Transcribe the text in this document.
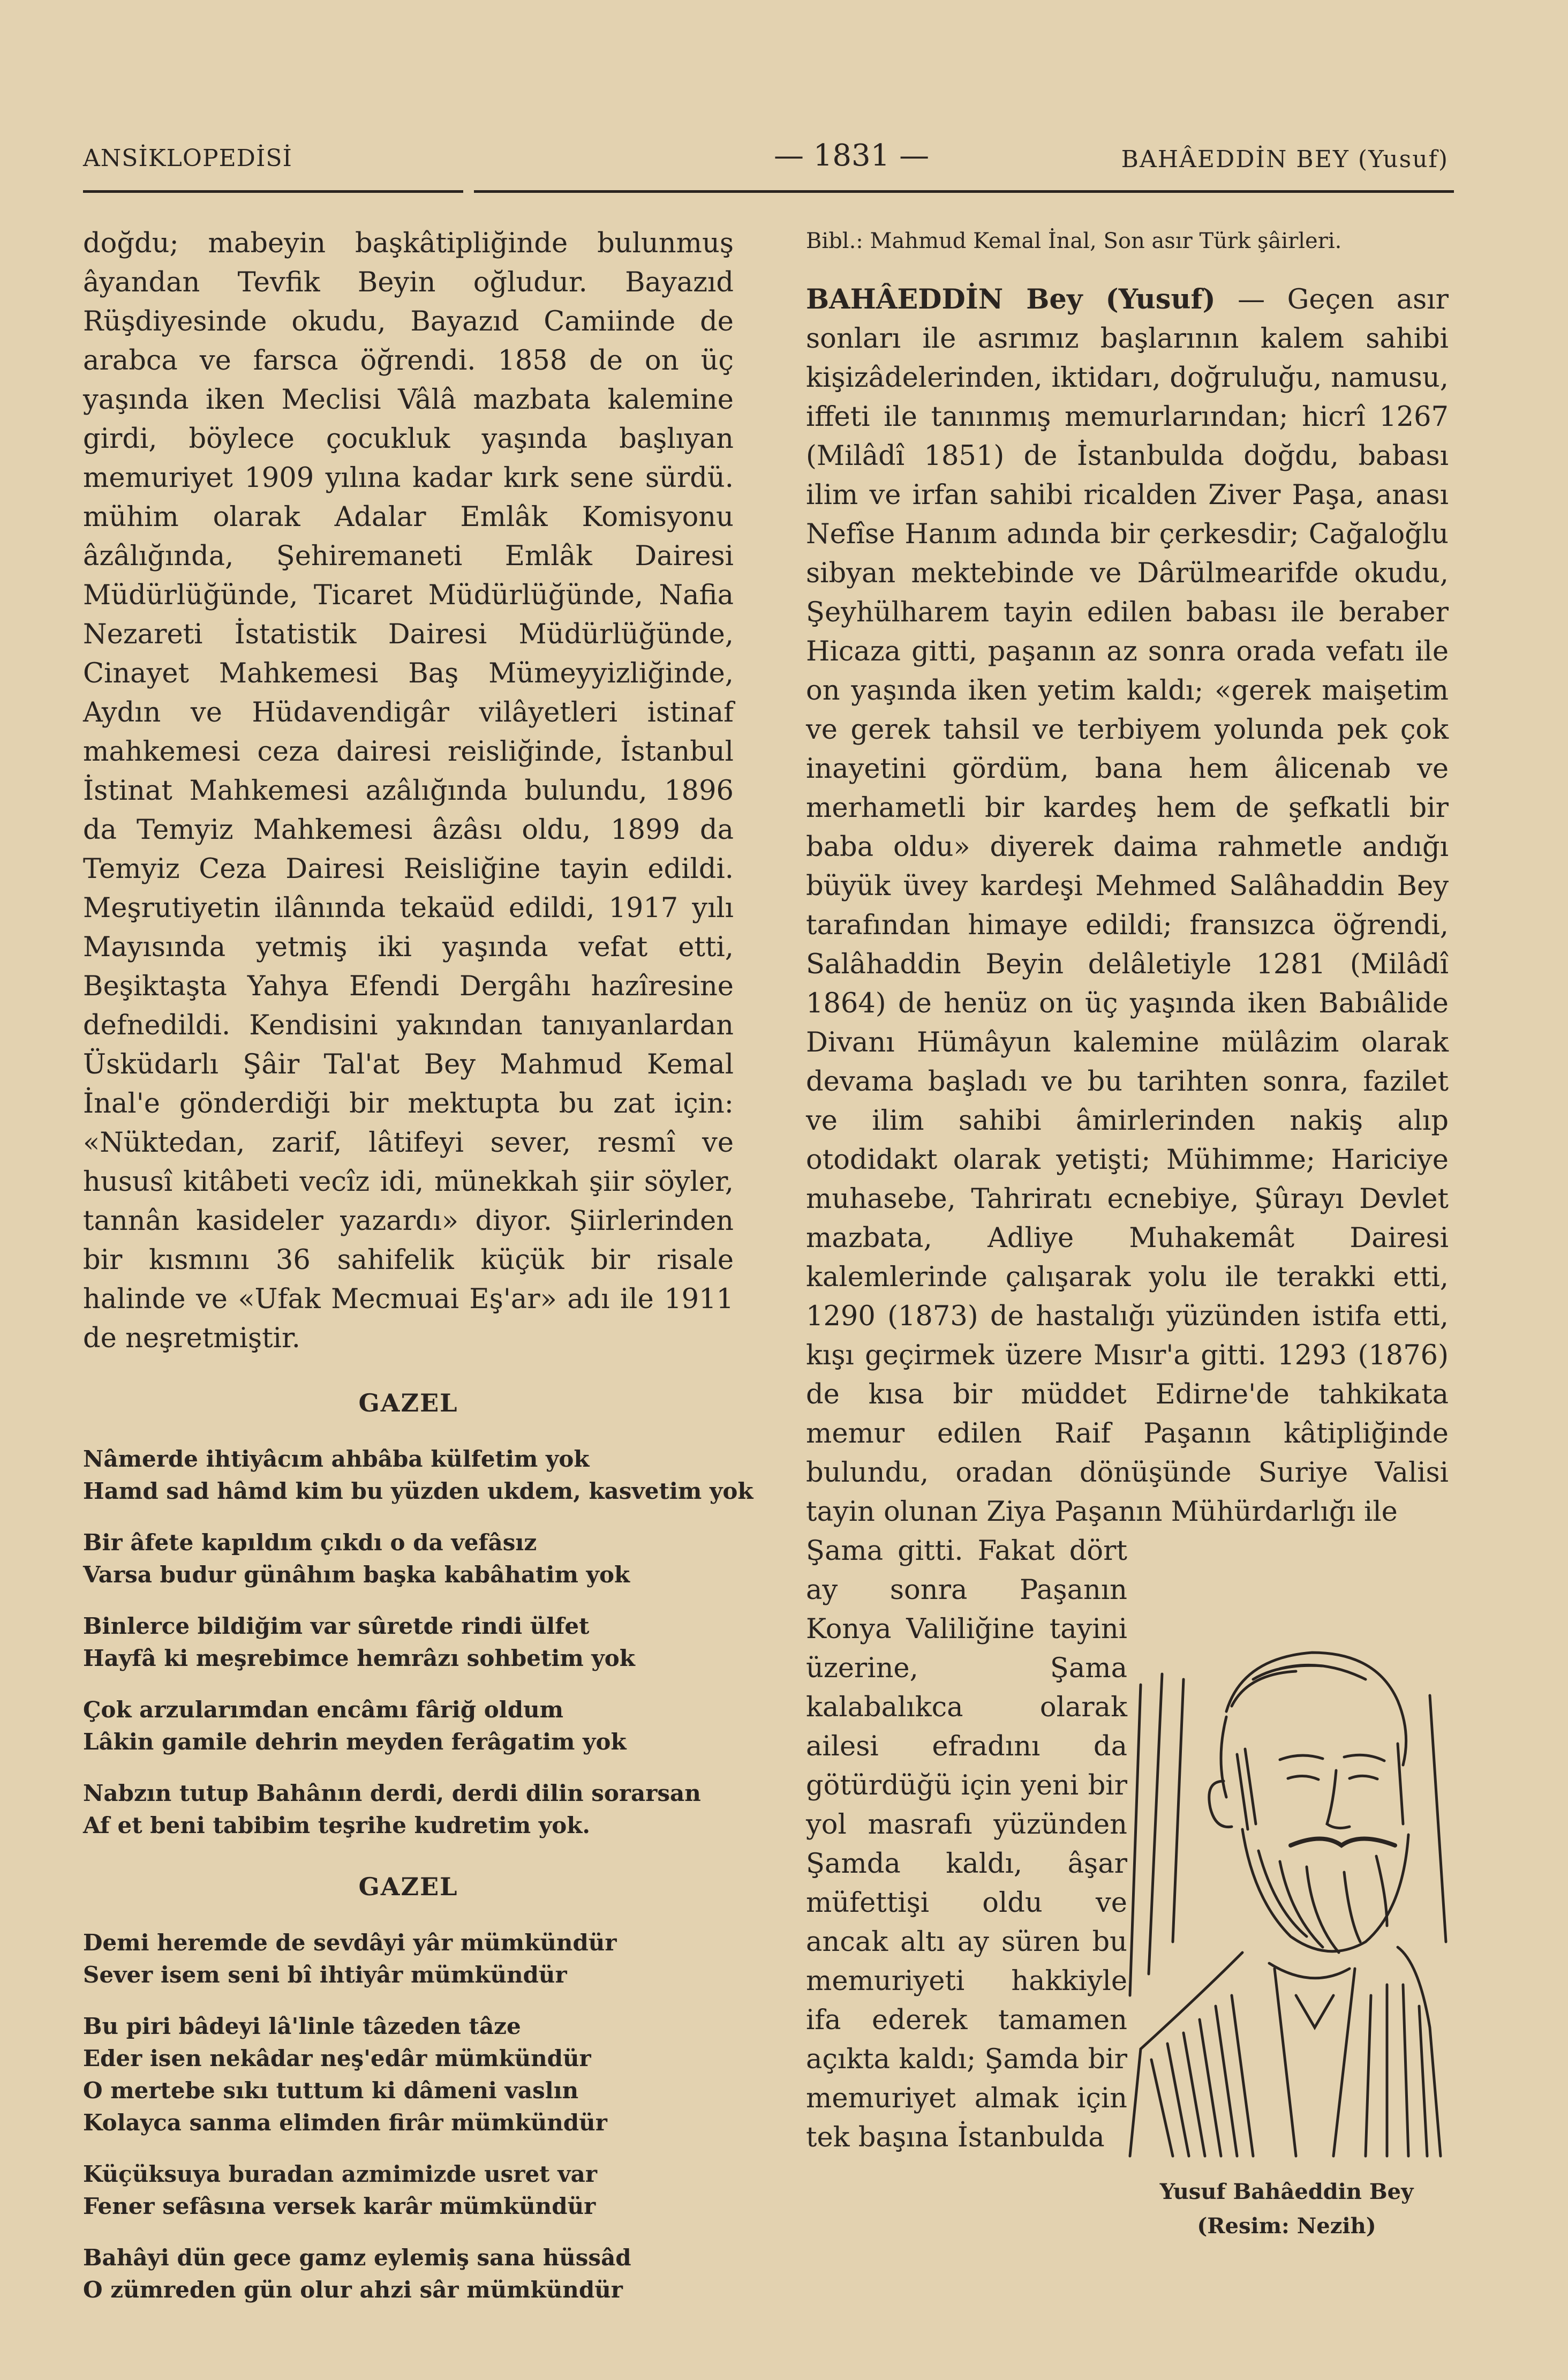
ANSİKLOPEDİSİ	— 1831 —	BAHÂEDDİN BEY (Yusuf)

doğdu; mabeyin başkâtipliğinde bulunmuş âyandan Tevfik Beyin oğludur. Bayazıd Rüşdiyesinde okudu, Bayazıd Camiinde de arabca ve farsca öğrendi. 1858 de on üç yaşında iken Meclisi Vâlâ mazbata kalemine girdi, böylece çocukluk yaşında başlıyan memuriyet 1909 yılına kadar kırk sene sürdü. mühim olarak Adalar Emlâk Komisyonu âzâlığında, Şehiremaneti Emlâk Dairesi Müdürlüğünde, Ticaret Müdürlüğünde, Nafia Nezareti İstatistik Dairesi Müdürlüğünde, Cinayet Mahkemesi Baş Mümeyyizliğinde, Aydın ve Hüdavendigâr vilâyetleri istinaf mahkemesi ceza dairesi reisliğinde, İstanbul İstinat Mahkemesi azâlığında bulundu, 1896 da Temyiz Mahkemesi âzâsı oldu, 1899 da Temyiz Ceza Dairesi Reisliğine tayin edildi. Meşrutiyetin ilânında tekaüd edildi, 1917 yılı Mayısında yetmiş iki yaşında vefat etti, Beşiktaşta Yahya Efendi Dergâhı hazîresine defnedildi. Kendisini yakından tanıyanlardan Üsküdarlı Şâir Tal'at Bey Mahmud Kemal İnal'e gönderdiği bir mektupta bu zat için: «Nüktedan, zarif, lâtifeyi sever, resmî ve hususî kitâbeti vecîz idi, münekkah şiir söyler, tannân kasideler yazardı» diyor. Şiirlerinden bir kısmını 36 sahifelik küçük bir risale halinde ve «Ufak Mecmuai Eş'ar» adı ile 1911 de neşretmiştir.

GAZEL
Nâmerde ihtiyâcım ahbâba külfetim yok
Hamd sad hâmd kim bu yüzden ukdem, kasvetim yok
Bir âfete kapıldım çıkdı o da vefâsız
Varsa budur günâhım başka kabâhatim yok
Binlerce bildiğim var sûretde rindi ülfet
Hayfâ ki meşrebimce hemrâzı sohbetim yok
Çok arzularımdan encâmı fâriğ oldum
Lâkin gamile dehrin meyden ferâgatim yok
Nabzın tutup Bahânın derdi, derdi dilin sorarsan
Af et beni tabibim teşrihe kudretim yok.
GAZEL
Demi heremde de sevdâyi yâr mümkündür
Sever isem seni bî ihtiyâr mümkündür
Bu piri bâdeyi lâ'linle tâzeden tâze
Eder isen nekâdar neş'edâr mümkündür
O mertebe sıkı tuttum ki dâmeni vaslın
Kolayca sanma elimden firâr mümkündür
Küçüksuya buradan azmimizde usret var
Fener sefâsına versek karâr mümkündür
Bahâyi dün gece gamz eylemiş sana hüssâd
O zümreden gün olur ahzi sâr mümkündür

Bibl.: Mahmud Kemal İnal, Son asır Türk şâirleri.

BAHÂEDDİN Bey (Yusuf) — Geçen asır sonları ile asrımız başlarının kalem sahibi kişizâdelerinden, iktidarı, doğruluğu, namusu, iffeti ile tanınmış memurlarından; hicrî 1267 (Milâdî 1851) de İstanbulda doğdu, babası ilim ve irfan sahibi ricalden Ziver Paşa, anası Nefîse Hanım adında bir çerkesdir; Cağaloğlu sibyan mektebinde ve Dârülmearifde okudu, Şeyhülharem tayin edilen babası ile beraber Hicaza gitti, paşanın az sonra orada vefatı ile on yaşında iken yetim kaldı; «gerek maişetim ve gerek tahsil ve terbiyem yolunda pek çok inayetini gördüm, bana hem âlicenab ve merhametli bir kardeş hem de şefkatli bir baba oldu» diyerek daima rahmetle andığı büyük üvey kardeşi Mehmed Salâhaddin Bey tarafından himaye edildi; fransızca öğrendi, Salâhaddin Beyin delâletiyle 1281 (Milâdî 1864) de henüz on üç yaşında iken Babıâlide Divanı Hümâyun kalemine mülâzim olarak devama başladı ve bu tarihten sonra, fazilet ve ilim sahibi âmirlerinden nakiş alıp otodidakt olarak yetişti; Mühimme; Hariciye muhasebe, Tahriratı ecnebiye, Şûrayı Devlet mazbata, Adliye Muhakemât Dairesi kalemlerinde çalışarak yolu ile terakki etti, 1290 (1873) de hastalığı yüzünden istifa etti, kışı geçirmek üzere Mısır'a gitti. 1293 (1876) de kısa bir müddet Edirne'de tahkikata memur edilen Raif Paşanın kâtipliğinde bulundu, oradan dönüşünde Suriye Valisi tayin olunan Ziya Paşanın Mühürdarlığı ile

Şama gitti. Fakat dört ay sonra Paşanın Konya Valiliğine tayini üzerine, Şama kalabalıkca olarak ailesi efradını da götürdüğü için yeni bir yol masrafı yüzünden Şamda kaldı, âşar müfettişi oldu ve ancak altı ay süren bu memuriyeti hakkiyle ifa ederek tamamen açıkta kaldı; Şamda bir memuriyet almak için tek başına İstanbulda

Yusuf Bahâeddin Bey
(Resim: Nezih)
